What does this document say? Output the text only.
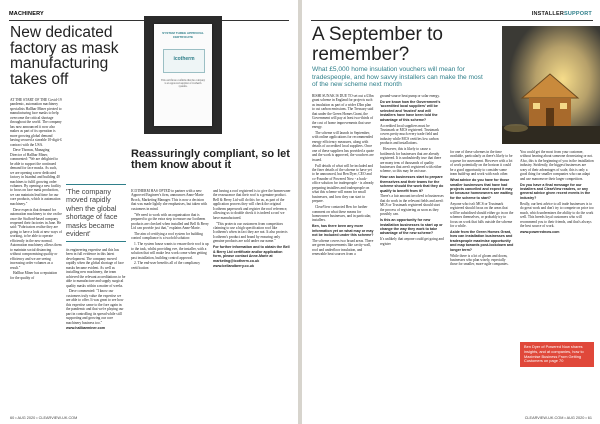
MACHINERY
New dedicated factory as mask manufacturing takes off

AT THE START OF THE Covid-19 pandemic, automation machinery specialists Hallbar Miner pivoted to manufacturing face masks to help overcome the critical shortage throughout the world. The company has now announced it now also makes as part of its operation is more growing global demand having secured a sizeable 10-digit-£ contract with the USA.

Dave Thomas, Managing Director of Hallbar Miner, commented: "We are delighted to be able to support the continued demand for face masks. As such, we are opening a new dedicated factory in Istanbul and building 40 machines to fulfil growing order volumes. By opening a new facility to focus on face mask production, we can maintain lead time for our core products, which is automation machinery."

Dave expects that demand for automation machinery to rise on the once the Stafford-based company reopened their factories in June. He said: "Fabricators realise they are going to have a look at new ways of working, to be able to operate efficiently in the new normal. Automation machinery allows them to maintain social distancing without compromising quality or efficiency and we are seeing increasing order volumes as a result."

Hallbar Miner has a reputation for the quality of

'The company moved rapidly when the global shortage of face masks became evident'

its engineering expertise and this has been in full evidence in this latest development. The company moved rapidly when the global shortage of face masks became evident. As well as installing new machinery, the team achieved the relevant accreditations to be able to manufacture and supply surgical quality masks within a matter of weeks.

Dave commented: "I know our customers truly value the expertise we are able to offer. It was great to see how this expertise came to the fore again in the pandemic and that we're playing our part in controlling its spread while still supporting and growing our core machinery business too."

www.hallbarminer.com

SYSTEM THREE APPROVAL CERTIFICATE
icotherm
This certificate confirms that the company is an approved supplier of icotherm systems.
Reassuringly compliant, so let them know about it

ICOTHERM HAS OPTED to partner with a new Approved Engineer's firm, announces Anne-Marie Brock, Marketing Manager. This is now a decision that was made lightly she emphasises, but taken with customers in mind.

"We need to work with an organisation that is prepared to go the extra step to ensure our Icotherm products are checked when installed and Bell & Berry Ltd can provide just that," explains Anne-Marie.

The aim of certifying a roof system for building control compliance is a twofold solution:

1. The system house wants to ensure their roof is up to the task, whilst providing eve, the installer, with a solution that will make less work come when getting past installation, building control approval.

2. The end-user benefits all of the compliancy certification

and having a roof registered is to give the homeowner the reassurance that their roof is a genuine product. Bell & Berry Ltd will do this for us, as part of the application process they will check the original Icotherm paperwork and register the roof reference, allowing us to double check it is indeed a roof we have manufactured.

"This protects our customers from competitors claiming to use a high specification roof like Icotherm's when in fact they are not. It also protects Icotherm's product and brand by ensuring only genuine products are sold under our name."

For further information and to obtain the Bell & Berry Ltd certificate and/or application form, please contact Anne-Marie at marketing@icotherm.co.uk

www.bellandberry.co.uk

60 • AUG 2020 • CLEARVIEW-UK.COM
INSTALLERSUPPORT
A September to remember?
What £5,000 home insulation vouchers will mean for tradespeople, and how savvy installers can make the most of the new scheme next month

RISHI SUNAK IS DUE TO set out a £3bn grant scheme in England for projects such as insulation as part of a wider £3bn plan to cut carbon emissions. The Treasury said that under the Green Homes Grant, the Government will pay at least two-thirds of the cost of home improvements that save energy.

The scheme will launch in September, with online applications for recommended energy efficiency measures, along with details of accredited local suppliers. Once one of these suppliers has provided a quote and the work is approved, the vouchers are issued.

Full details of what will be included and the finer details of the scheme to have yet to be announced, but Ben Dyer, CEO and co-Founder of Powered Now - a back-office solution for tradespeople - is already preparing installers and tradespeople on what this scheme will mean for small businesses, and how they can start to prepare.

ClearView contacted Ben for further comment on what these means for homeowner businesses, and in particular, installers.

Ben, has there been any more information yet on what may or may not be included under this scheme?

The scheme covers two broad areas. There are green improvements like cavity-wall, roof and underfloor insulation, and renewable heat sources from a

ground-source heat pump or solar energy.

Do we know how the Government's 'accredited local suppliers' will be selected and 'trusted' and will installers have have been told the advantage of this scheme?

Accredited local suppliers must be Trustmark or MCS registered. Trustmark covers pretty much every trade field and industry while MCS certifies low carbon products and installations.

However, this is likely to cause a bottleneck for businesses that are already registered. It is undoubtedly true that there are many tens of thousands of quality businesses that aren't registered with either scheme, so this may be an issue.

How can businesses start to prepare themselves and their teams for the scheme should the work that they do qualify to benefit from it?

There's a fair amount involved to businesses that do work in the relevant fields and aren't MCS or Trustmark registered should start the process of registering as soon as they possibly can.

Is this an opportunity for new installation businesses to start up or change the way they work to take advantage of the new scheme?

It's unlikely that anyone could get going and register

for one of these schemes in the time available, particularly as there's likely to be a queue for assessment. However with a lot of work potentially on the horizon it could be a good opportunity to consider some team build-up and work with each other.

What advice do you have for those smaller businesses that have had projects cancelled and expect it may be because homeowners are waiting for the scheme to start?

Anyone who isn't MCS or Trustmark registered should focus on the areas that will be subsidised should either go in on the schemes themselves, or probably try to focus on work that falls outside the scheme for a while.

Aside from the Green Homes Grant, how can installation businesses and tradespeople maximise opportunity and map towards post-lockdown and longer term?

While there is a lot of gloom and doom, businesses who plan wisely, especially those for smaller, more-agile companies.

You could get the most from your customer, without hearing about someone downsizing or not. Also, this is the beginning of you in the installation industry. Stridently, the biggest businesses are wary of their advantages of scale, this is only a good thing for smaller companies who can adapt and use manoeuvre their larger competitors.

Do you have a final message for our installers and ClearView readers, or any general advice given recent events in the industry?

Really, our best advice to all trade businesses is to do great work and don't try to compete on price too much, which undermines the ability to do the work well. This breeds loyal customers who will recommend you to their friends, and that's always the best source of work.

www.powerednow.com

Ben Dyer of Powered Now shares insights, and at companies, how to Maximise Business From Getting Customers on page 70
CLEARVIEW-UK.COM • AUG 2020 • 61
